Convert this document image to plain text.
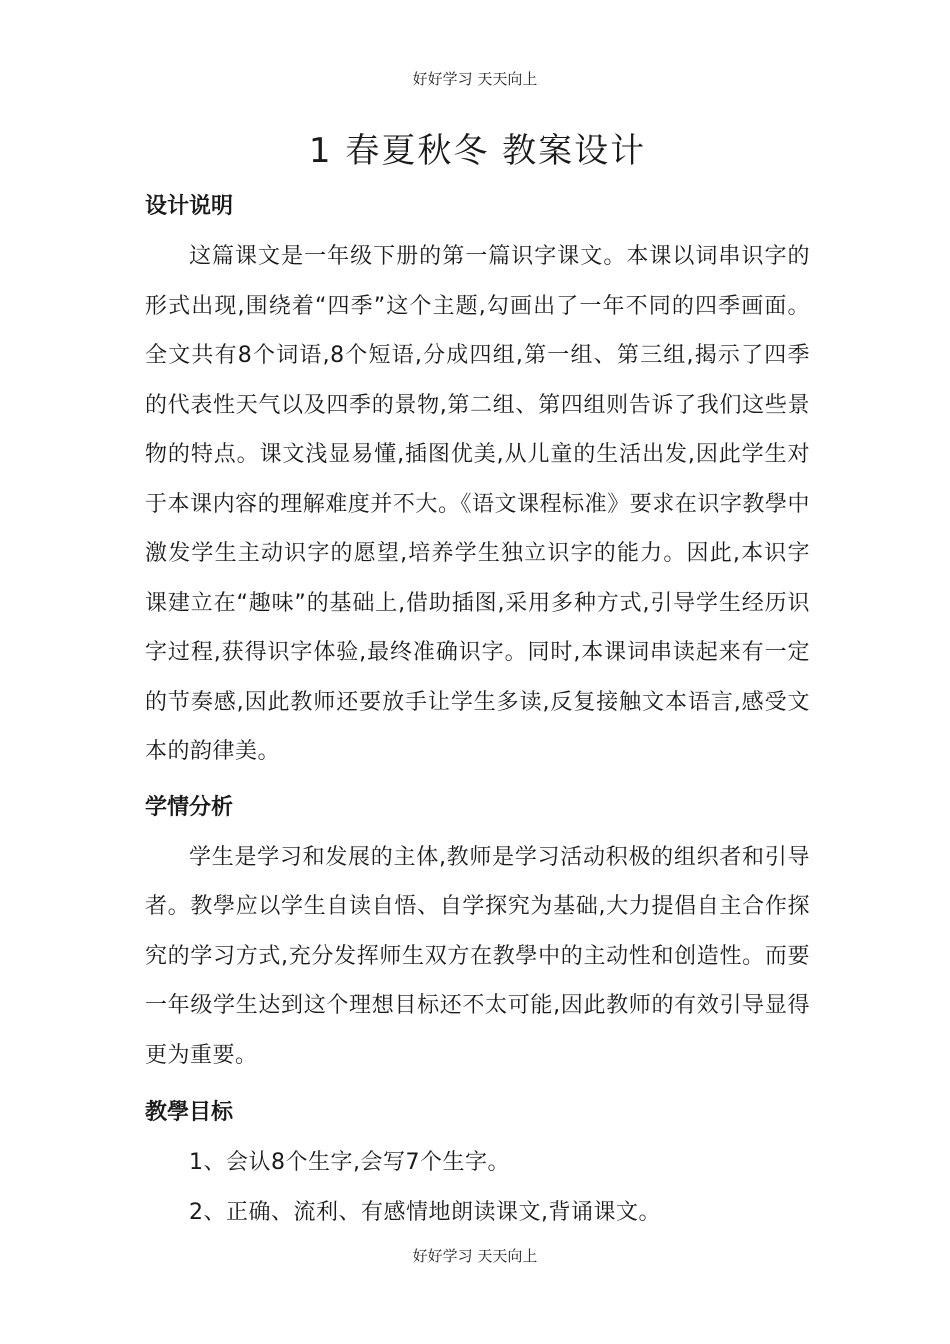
好好学习 天天向上
1 春夏秋冬 教案设计
设计说明

这篇课文是一年级下册的第一篇识字课文。本课以词串识字的形式出现,围绕着“四季”这个主题,勾画出了一年不同的四季画面。全文共有8个词语,8个短语,分成四组,第一组、第三组,揭示了四季的代表性天气以及四季的景物,第二组、第四组则告诉了我们这些景物的特点。课文浅显易懂,插图优美,从儿童的生活出发,因此学生对于本课内容的理解难度并不大。《语文课程标准》要求在识字教學中激发学生主动识字的愿望,培养学生独立识字的能力。因此,本识字课建立在“趣味”的基础上,借助插图,采用多种方式,引导学生经历识字过程,获得识字体验,最终准确识字。同时,本课词串读起来有一定的节奏感,因此教师还要放手让学生多读,反复接触文本语言,感受文本的韵律美。

学情分析

学生是学习和发展的主体,教师是学习活动积极的组织者和引导者。教學应以学生自读自悟、自学探究为基础,大力提倡自主合作探究的学习方式,充分发挥师生双方在教學中的主动性和创造性。而要一年级学生达到这个理想目标还不太可能,因此教师的有效引导显得更为重要。

教學目标

1、会认8个生字,会写7个生字。

2、正确、流利、有感情地朗读课文,背诵课文。

好好学习 天天向上
